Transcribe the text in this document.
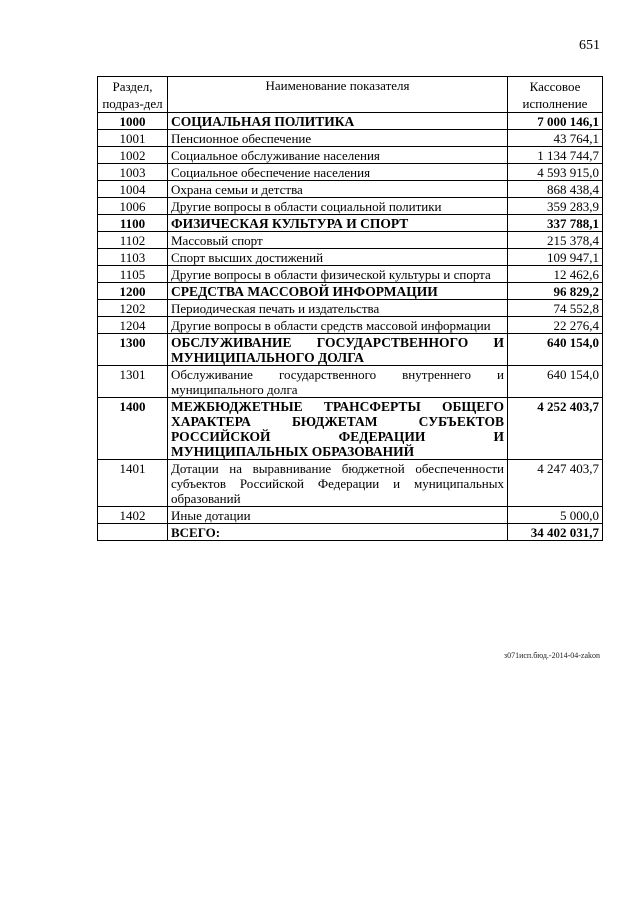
651
Раздел, подраз-дел	Наименование показателя	Кассовое исполнение
1000	СОЦИАЛЬНАЯ ПОЛИТИКА	7 000 146,1
1001	Пенсионное обеспечение	43 764,1
1002	Социальное обслуживание населения	1 134 744,7
1003	Социальное обеспечение населения	4 593 915,0
1004	Охрана семьи и детства	868 438,4
1006	Другие вопросы в области социальной политики	359 283,9
1100	ФИЗИЧЕСКАЯ КУЛЬТУРА И СПОРТ	337 788,1
1102	Массовый спорт	215 378,4
1103	Спорт высших достижений	109 947,1
1105	Другие вопросы в области физической культуры и спорта	12 462,6
1200	СРЕДСТВА МАССОВОЙ ИНФОРМАЦИИ	96 829,2
1202	Периодическая печать и издательства	74 552,8
1204	Другие вопросы в области средств массовой информации	22 276,4
1300	ОБСЛУЖИВАНИЕ ГОСУДАРСТВЕННОГО И МУНИЦИПАЛЬНОГО ДОЛГА	640 154,0
1301	Обслуживание государственного внутреннего и муниципального долга	640 154,0
1400	МЕЖБЮДЖЕТНЫЕ ТРАНСФЕРТЫ ОБЩЕГО ХАРАКТЕРА БЮДЖЕТАМ СУБЪЕКТОВ РОССИЙСКОЙ ФЕДЕРАЦИИ И МУНИЦИПАЛЬНЫХ ОБРАЗОВАНИЙ	4 252 403,7
1401	Дотации на выравнивание бюджетной обеспеченности субъектов Российской Федерации и муниципальных образований	4 247 403,7
1402	Иные дотации	5 000,0
	ВСЕГО:	34 402 031,7
з071исп.бюд.-2014-04-zakon
